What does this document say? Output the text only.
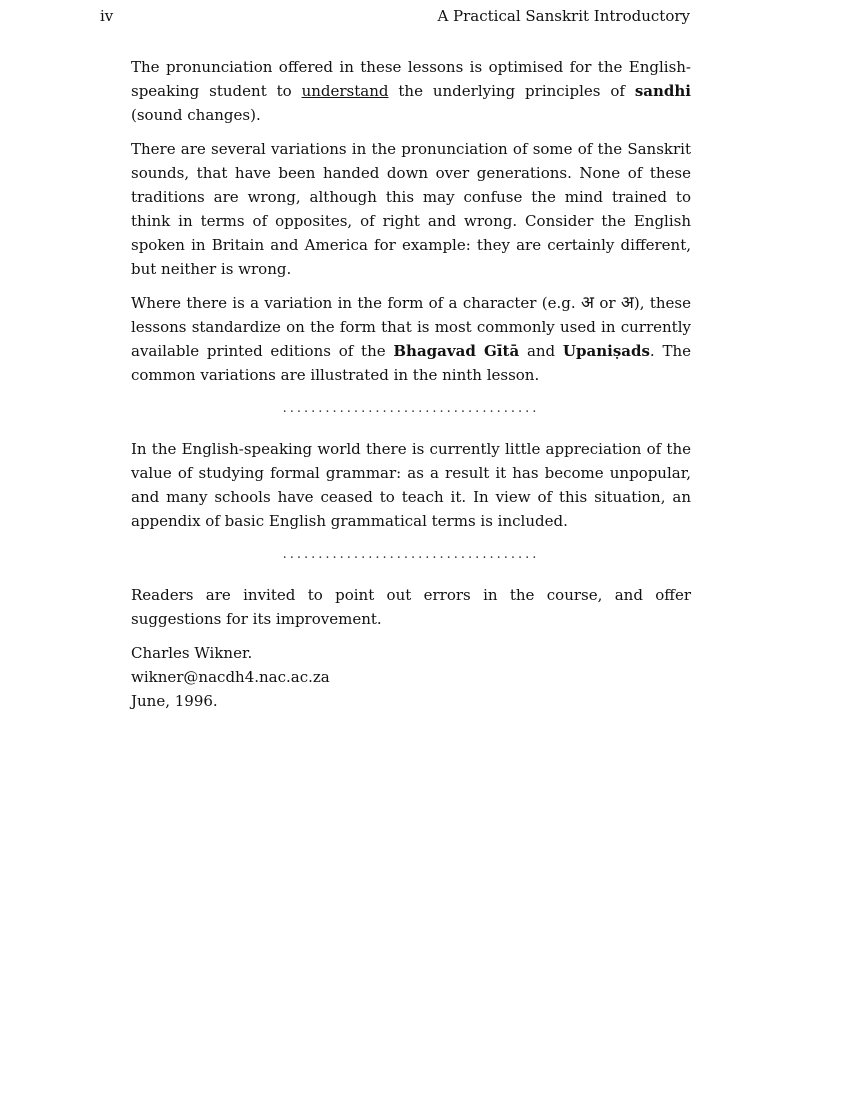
iv	A Practical Sanskrit Introductory

The pronunciation offered in these lessons is optimised for the English-speaking student to understand the underlying principles of sandhi (sound changes).

There are several variations in the pronunciation of some of the Sanskrit sounds, that have been handed down over generations. None of these traditions are wrong, although this may confuse the mind trained to think in terms of opposites, of right and wrong. Consider the English spoken in Britain and America for example: they are certainly different, but neither is wrong.

Where there is a variation in the form of a character (e.g. अ or अ), these lessons standardize on the form that is most commonly used in currently available printed editions of the Bhagavad Gītā and Upaniṣads. The common variations are illustrated in the ninth lesson.

....................................

In the English-speaking world there is currently little appreciation of the value of studying formal grammar: as a result it has become unpopular, and many schools have ceased to teach it. In view of this situation, an appendix of basic English grammatical terms is included.

....................................

Readers are invited to point out errors in the course, and offer suggestions for its improvement.

Charles Wikner.

wikner@nacdh4.nac.ac.za

June, 1996.
